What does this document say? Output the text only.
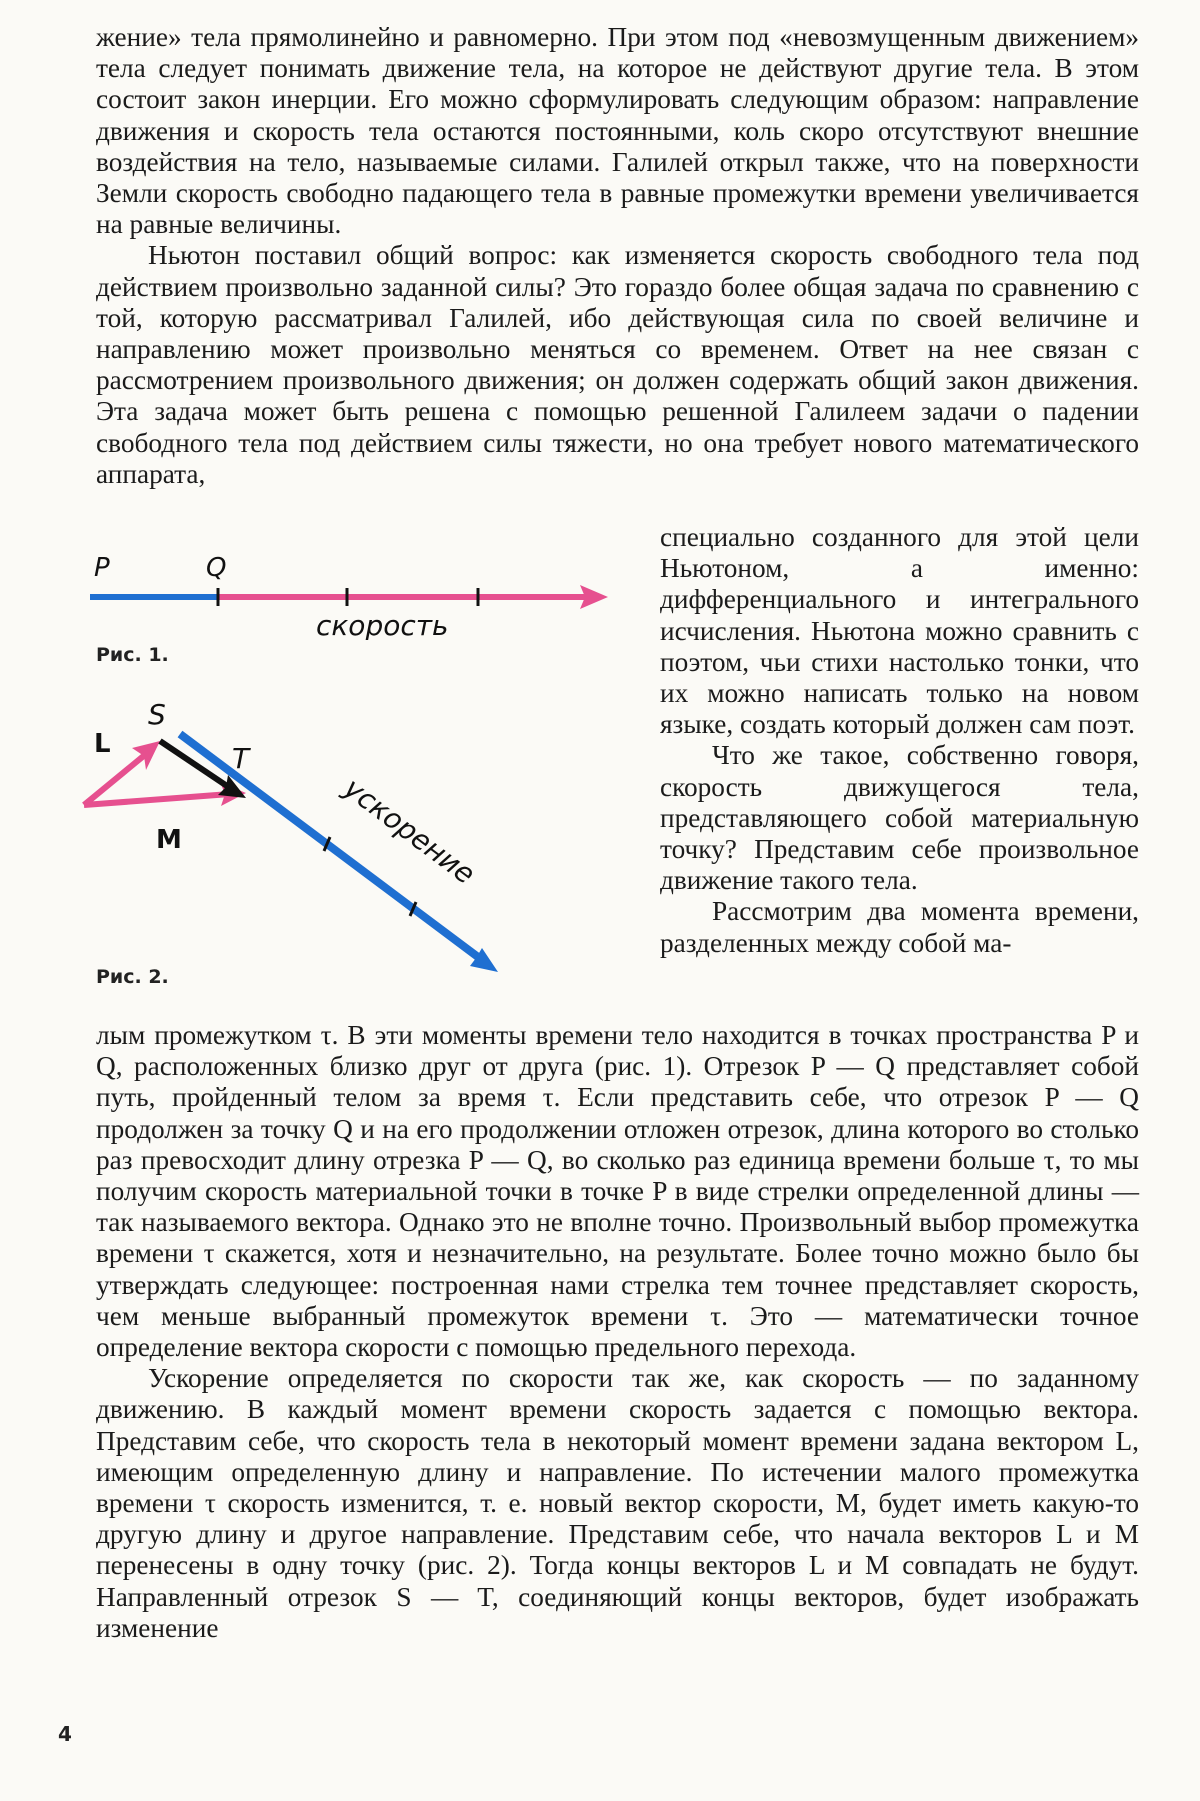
жение» тела прямолинейно и равномерно. При этом под «невозмущенным движением» тела следует понимать движение тела, на которое не действуют другие тела. В этом состоит закон инерции. Его можно сформулировать следующим образом: направление движения и скорость тела остаются постоянными, коль скоро отсутствуют внешние воздействия на тело, называемые силами. Галилей открыл также, что на поверхности Земли скорость свободно падающего тела в равные промежутки времени увеличивается на равные величины.

Ньютон поставил общий вопрос: как изменяется скорость свободного тела под действием произвольно заданной силы? Это гораздо более общая задача по сравнению с той, которую рассматривал Галилей, ибо действующая сила по своей величине и направлению может произвольно меняться со временем. Ответ на нее связан с рассмотрением произвольного движения; он должен содержать общий закон движения. Эта задача может быть решена с помощью решенной Галилеем задачи о падении свободного тела под действием силы тяжести, но она требует нового математического аппарата,

P	Q
скорость
Рис. 1.
S
T
L
M	ускорение
Рис. 2.

специально созданного для этой цели Ньютоном, а именно: дифференциального и интегрального исчисления. Ньютона можно сравнить с поэтом, чьи стихи настолько тонки, что их можно написать только на новом языке, создать который должен сам поэт.

Что же такое, собственно говоря, скорость движущегося тела, представляющего собой материальную точку? Представим себе произвольное движение такого тела.

Рассмотрим два момента времени, разделенных между собой ма-

лым промежутком τ. В эти моменты времени тело находится в точках пространства P и Q, расположенных близко друг от друга (рис. 1). Отрезок P — Q представляет собой путь, пройденный телом за время τ. Если представить себе, что отрезок P — Q продолжен за точку Q и на его продолжении отложен отрезок, длина которого во столько раз превосходит длину отрезка P — Q, во сколько раз единица времени больше τ, то мы получим скорость материальной точки в точке P в виде стрелки определенной длины — так называемого вектора. Однако это не вполне точно. Произвольный выбор промежутка времени τ скажется, хотя и незначительно, на результате. Более точно можно было бы утверждать следующее: построенная нами стрелка тем точнее представляет скорость, чем меньше выбранный промежуток времени τ. Это — математически точное определение вектора скорости с помощью предельного перехода.

Ускорение определяется по скорости так же, как скорость — по заданному движению. В каждый момент времени скорость задается с помощью вектора. Представим себе, что скорость тела в некоторый момент времени задана вектором L, имеющим определенную длину и направление. По истечении малого промежутка времени τ скорость изменится, т. е. новый вектор скорости, M, будет иметь какую-то другую длину и другое направление. Представим себе, что начала векторов L и M перенесены в одну точку (рис. 2). Тогда концы векторов L и M совпадать не будут. Направленный отрезок S — T, соединяющий концы векторов, будет изображать изменение

4
